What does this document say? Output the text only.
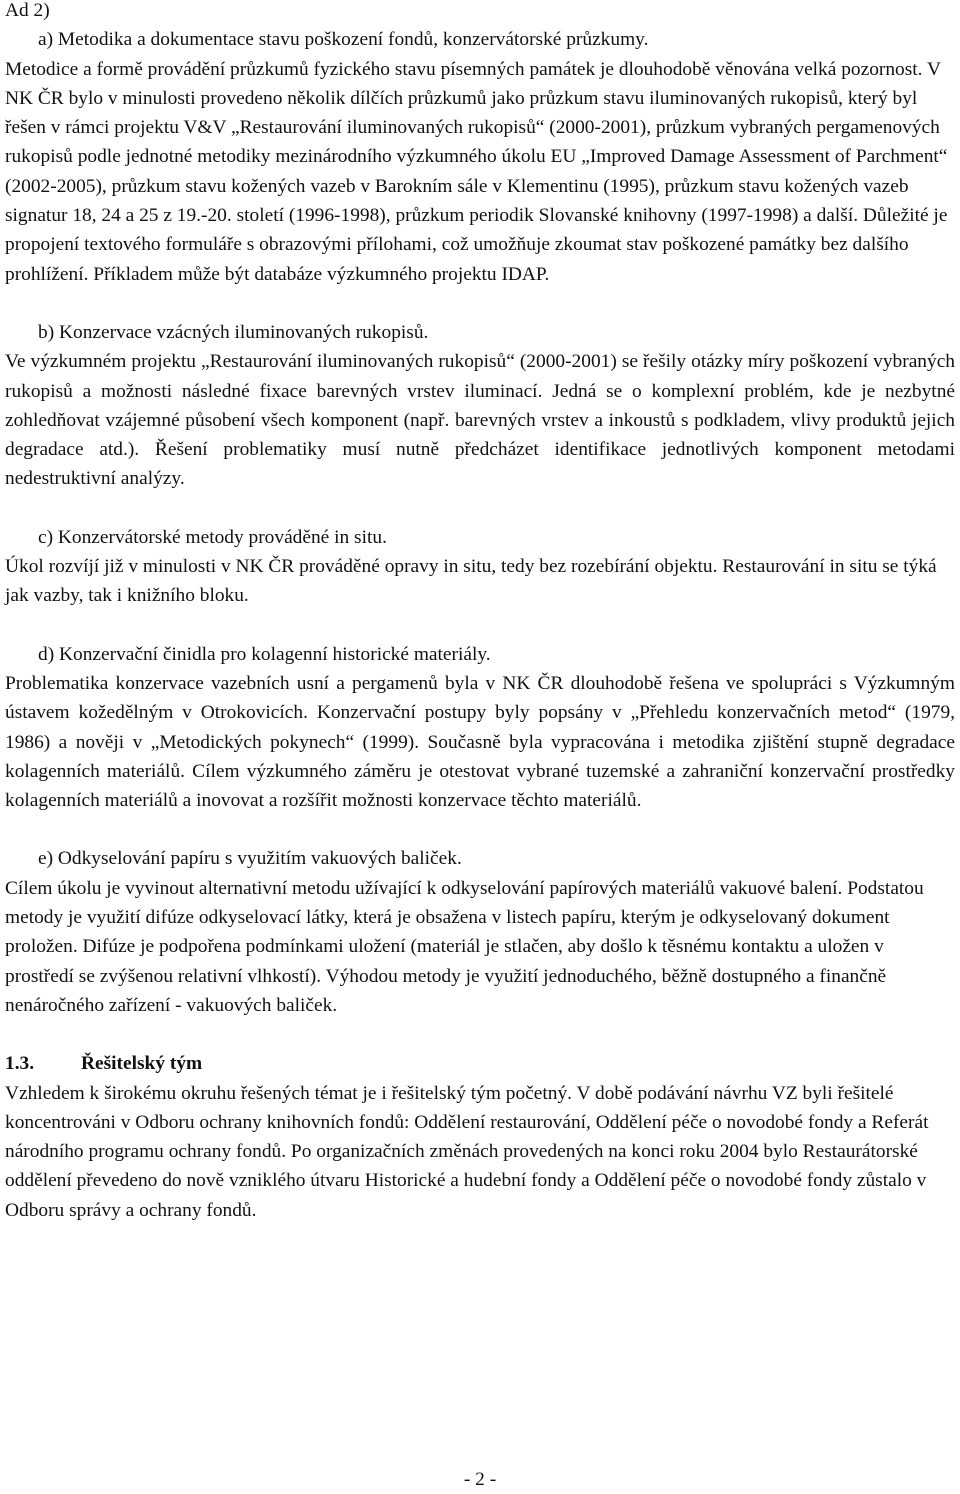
Ad 2)

a) Metodika a dokumentace stavu poškození fondů, konzervátorské průzkumy.

Metodice a formě provádění průzkumů fyzického stavu písemných památek je dlouhodobě věnována velká pozornost. V NK ČR bylo v minulosti provedeno několik dílčích průzkumů jako průzkum stavu iluminovaných rukopisů, který byl řešen v rámci projektu V&V „Restaurování iluminovaných rukopisů“ (2000-2001), průzkum vybraných pergamenových rukopisů podle jednotné metodiky mezinárodního výzkumného úkolu EU „Improved Damage Assessment of Parchment“ (2002-2005), průzkum stavu kožených vazeb v Barokním sále v Klementinu (1995), průzkum stavu kožených vazeb signatur 18, 24 a 25 z 19.-20. století (1996-1998), průzkum periodik Slovanské knihovny (1997-1998) a další. Důležité je propojení textového formuláře s obrazovými přílohami, což umožňuje zkoumat stav poškozené památky bez dalšího prohlížení. Příkladem může být databáze výzkumného projektu IDAP.

b) Konzervace vzácných iluminovaných rukopisů.

Ve výzkumném projektu „Restaurování iluminovaných rukopisů“ (2000-2001) se řešily otázky míry poškození vybraných rukopisů a možnosti následné fixace barevných vrstev iluminací. Jedná se o komplexní problém, kde je nezbytné zohledňovat vzájemné působení všech komponent (např. barevných vrstev a inkoustů s podkladem, vlivy produktů jejich degradace atd.). Řešení problematiky musí nutně předcházet identifikace jednotlivých komponent metodami nedestruktivní analýzy.

c) Konzervátorské metody prováděné in situ.

Úkol rozvíjí již v minulosti v NK ČR prováděné opravy in situ, tedy bez rozebírání objektu. Restaurování in situ se týká jak vazby, tak i knižního bloku.

d) Konzervační činidla pro kolagenní historické materiály.

Problematika konzervace vazebních usní a pergamenů byla v NK ČR dlouhodobě řešena ve spolupráci s Výzkumným ústavem kožedělným v Otrokovicích. Konzervační postupy byly popsány v „Přehledu konzervačních metod“ (1979, 1986) a nověji v „Metodických pokynech“ (1999). Současně byla vypracována i metodika zjištění stupně degradace kolagenních materiálů. Cílem výzkumného záměru je otestovat vybrané tuzemské a zahraniční konzervační prostředky kolagenních materiálů a inovovat a rozšířit možnosti konzervace těchto materiálů.

e) Odkyselování papíru s využitím vakuových baliček.

Cílem úkolu je vyvinout alternativní metodu užívající k odkyselování papírových materiálů vakuové balení. Podstatou metody je využití difúze odkyselovací látky, která je obsažena v listech papíru, kterým je odkyselovaný dokument proložen. Difúze je podpořena podmínkami uložení (materiál je stlačen, aby došlo k těsnému kontaktu a uložen v prostředí se zvýšenou relativní vlhkostí). Výhodou metody je využití jednoduchého, běžně dostupného a finančně nenáročného zařízení - vakuových baliček.

1.3. Řešitelský tým

Vzhledem k širokému okruhu řešených témat je i řešitelský tým početný. V době podávání návrhu VZ byli řešitelé koncentrováni v Odboru ochrany knihovních fondů: Oddělení restaurování, Oddělení péče o novodobé fondy a Referát národního programu ochrany fondů. Po organizačních změnách provedených na konci roku 2004 bylo Restaurátorské oddělení převedeno do nově vzniklého útvaru Historické a hudební fondy a Oddělení péče o novodobé fondy zůstalo v Odboru správy a ochrany fondů.

- 2 -
